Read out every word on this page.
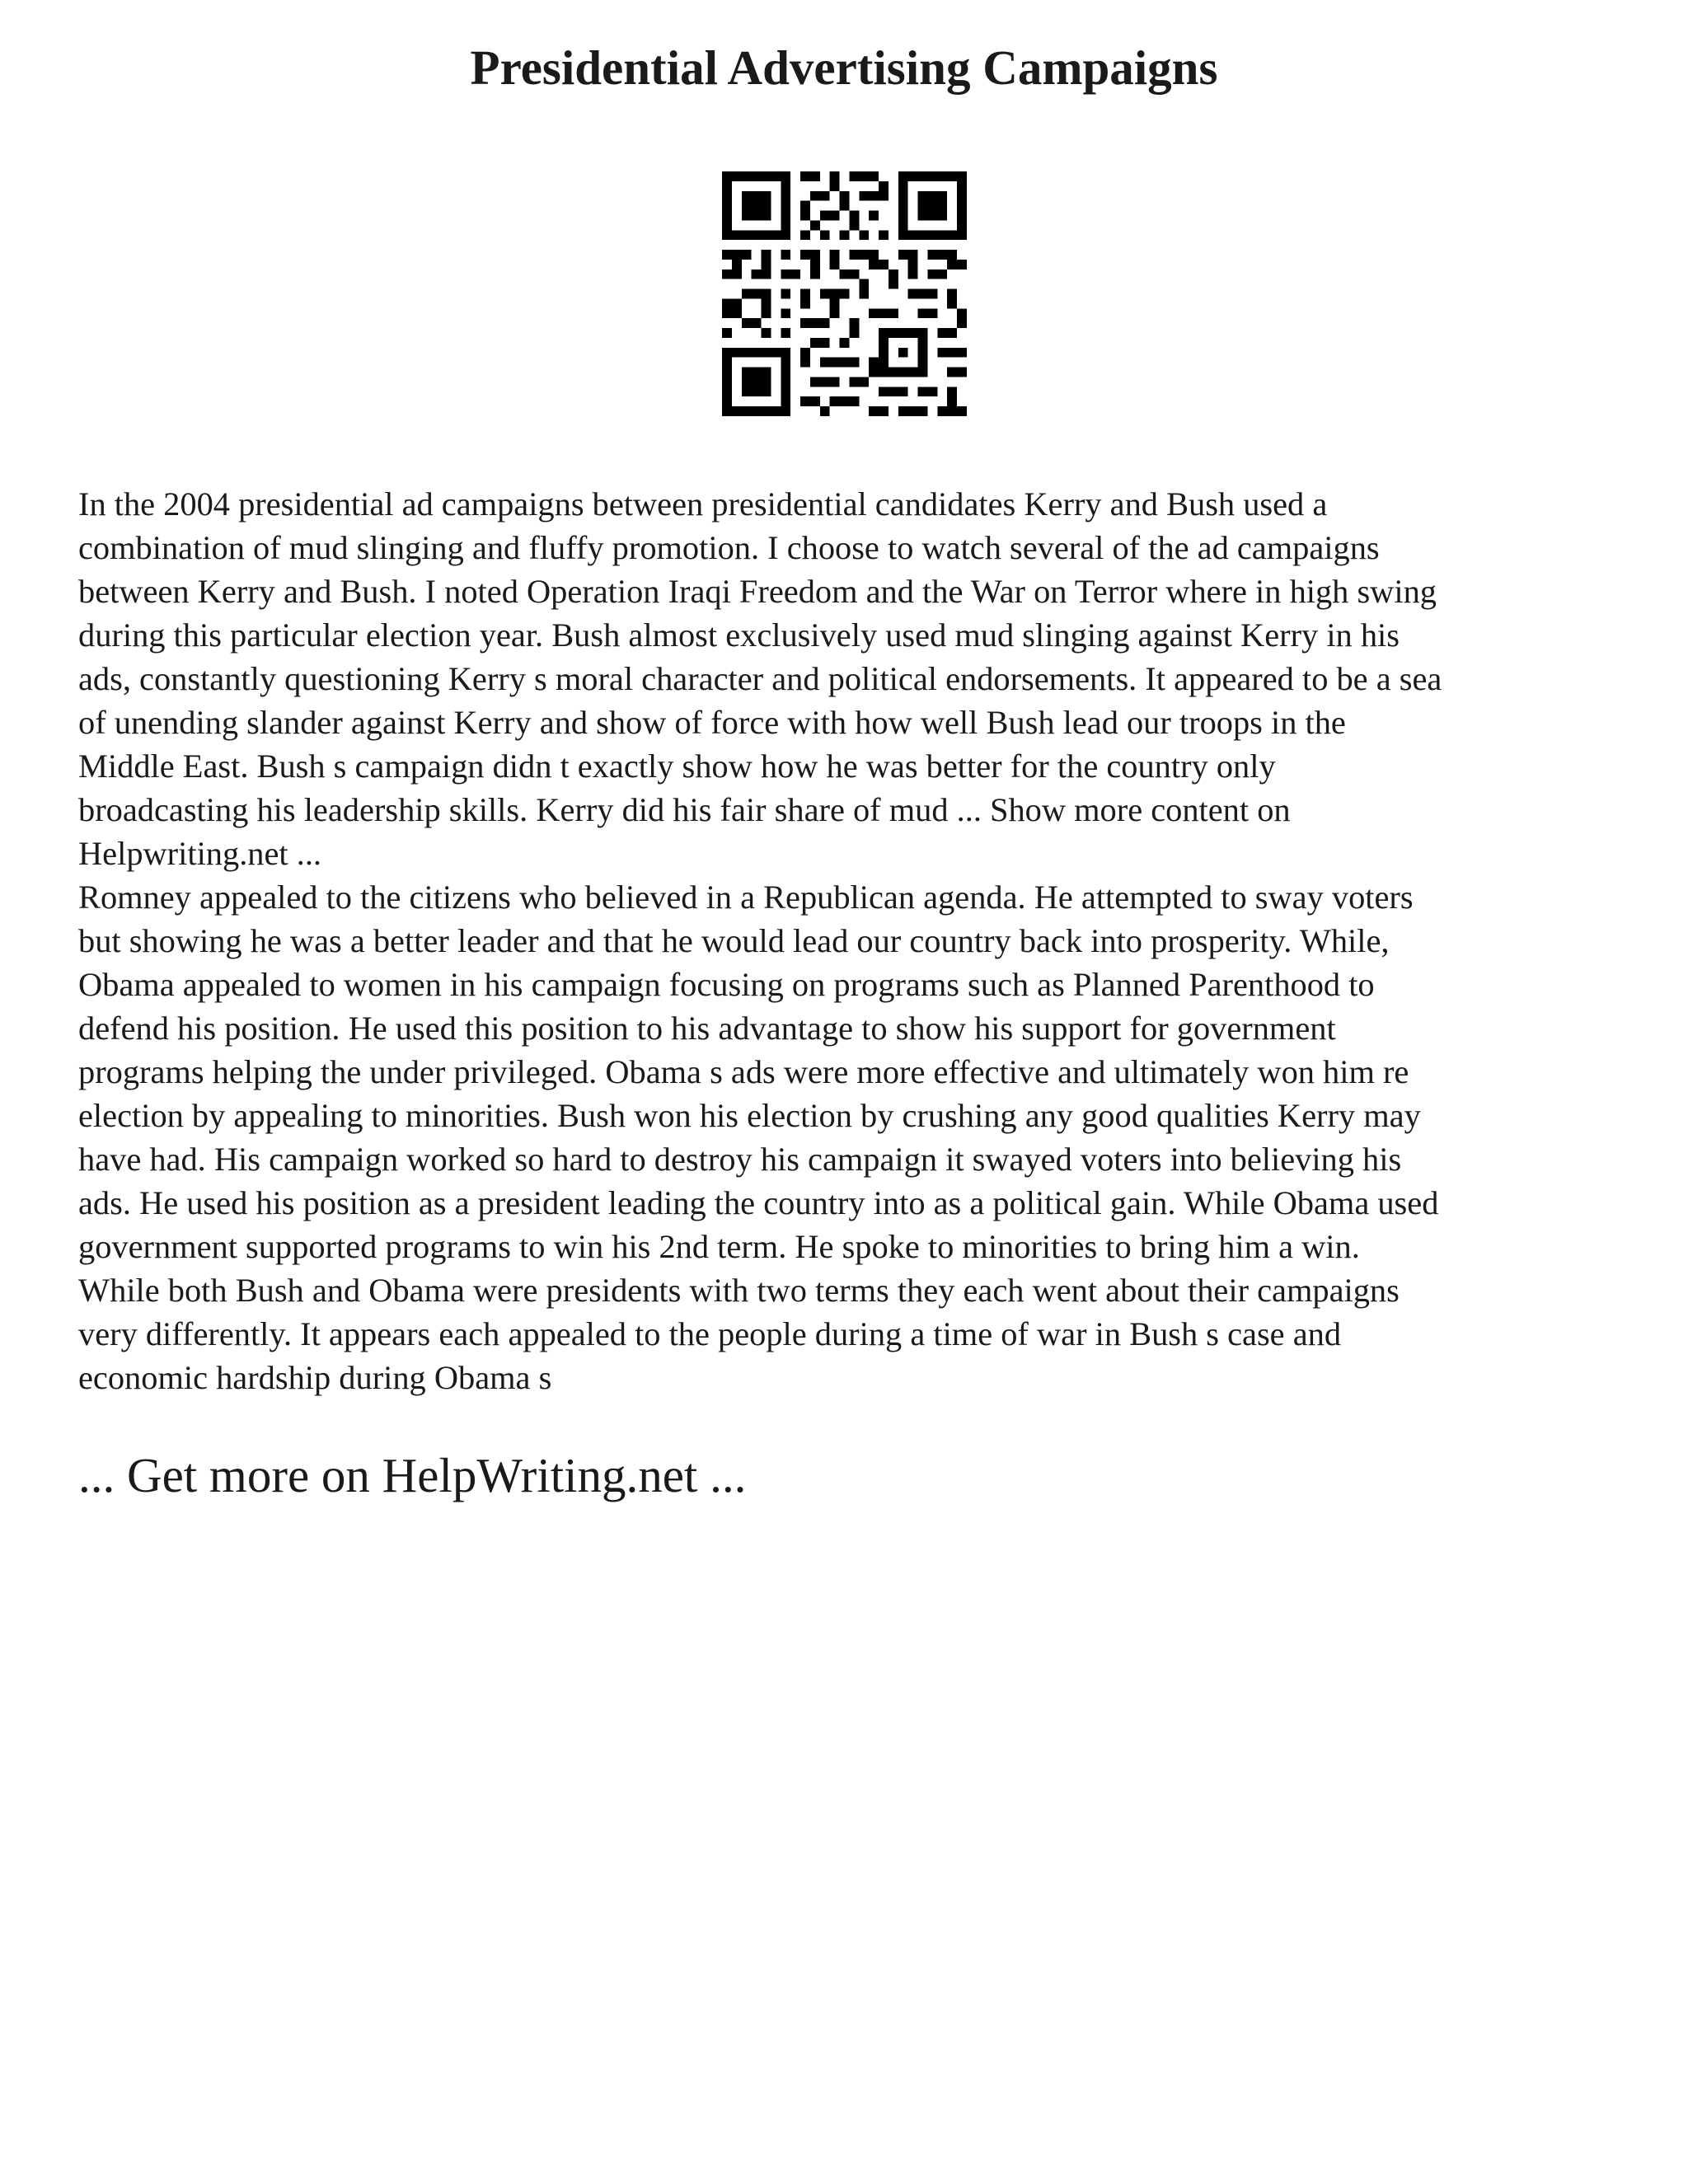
Presidential Advertising Campaigns

In the 2004 presidential ad campaigns between presidential candidates Kerry and Bush used a
combination of mud slinging and fluffy promotion. I choose to watch several of the ad campaigns
between Kerry and Bush. I noted Operation Iraqi Freedom and the War on Terror where in high swing
during this particular election year. Bush almost exclusively used mud slinging against Kerry in his
ads, constantly questioning Kerry s moral character and political endorsements. It appeared to be a sea
of unending slander against Kerry and show of force with how well Bush lead our troops in the
Middle East. Bush s campaign didn t exactly show how he was better for the country only
broadcasting his leadership skills. Kerry did his fair share of mud ... Show more content on
Helpwriting.net ...

Romney appealed to the citizens who believed in a Republican agenda. He attempted to sway voters
but showing he was a better leader and that he would lead our country back into prosperity. While,
Obama appealed to women in his campaign focusing on programs such as Planned Parenthood to
defend his position. He used this position to his advantage to show his support for government
programs helping the under privileged. Obama s ads were more effective and ultimately won him re
election by appealing to minorities. Bush won his election by crushing any good qualities Kerry may
have had. His campaign worked so hard to destroy his campaign it swayed voters into believing his
ads. He used his position as a president leading the country into as a political gain. While Obama used
government supported programs to win his 2nd term. He spoke to minorities to bring him a win.
While both Bush and Obama were presidents with two terms they each went about their campaigns
very differently. It appears each appealed to the people during a time of war in Bush s case and
economic hardship during Obama s

... Get more on HelpWriting.net ...
